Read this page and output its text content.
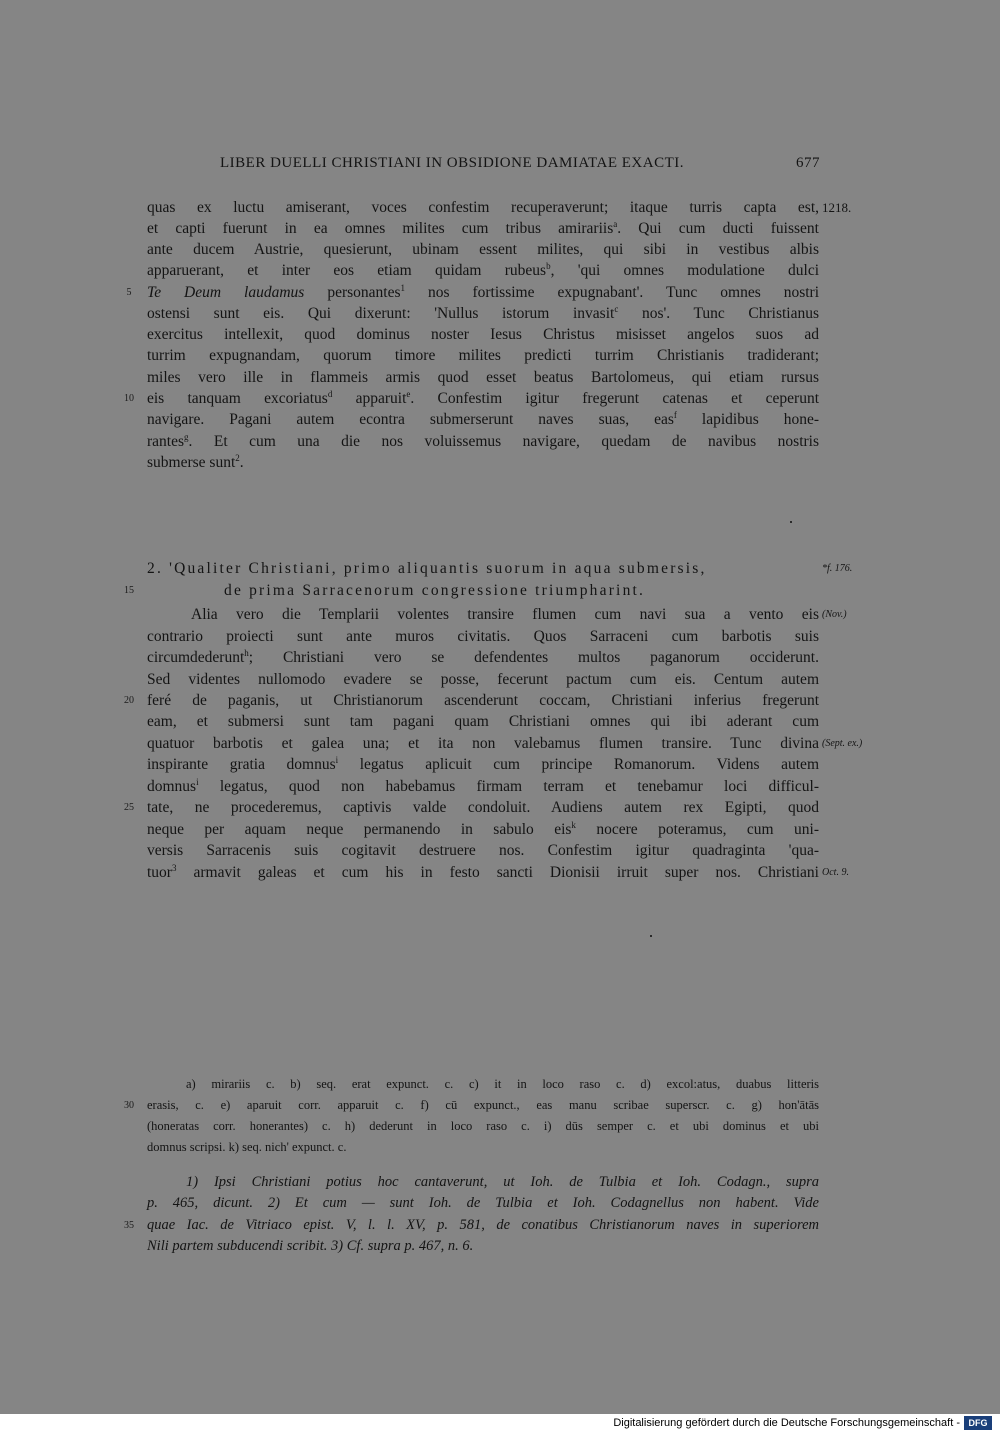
LIBER DUELLI CHRISTIANI IN OBSIDIONE DAMIATAE EXACTI.	677
quas ex luctu amiserant, voces confestim recuperaverunt; itaque turris capta est, 1218.
et capti fuerunt in ea omnes milites cum tribus amirariis$^a$. Qui cum ducti fuissent
ante ducem Austrie, quesierunt, ubinam essent milites, qui sibi in vestibus albis
apparuerant, et inter eos etiam quidam rubeus$^b$, 'qui omnes modulatione dulci
5	Te Deum laudamus personantes$^1$ nos fortissime expugnabant'. Tunc omnes nostri
ostensi sunt eis. Qui dixerunt: 'Nullus istorum invasit$^c$ nos'. Tunc Christianus
exercitus intellexit, quod dominus noster Iesus Christus misisset angelos suos ad
turrim expugnandam, quorum timore milites predicti turrim Christianis tradiderant;
miles vero ille in flammeis armis quod esset beatus Bartolomeus, qui etiam rursus
10 eis tanquam excoriatus$^d$ apparuit$^e$. Confestim igitur fregerunt catenas et ceperunt
navigare. Pagani autem econtra submerserunt naves suas, eas$^f$ lapidibus hone-
rantes$^g$. Et cum una die nos voluissemus navigare, quedam de navibus nostris
submerse sunt$^2$.
2. 'Qualiter Christiani, primo aliquantis suorum in aqua submersis,	*f. 176.
15	de prima Sarracenorum congressione triumpharint.
Alia vero die Templarii volentes transire flumen cum navi sua a vento eis (Nov.)
contrario proiecti sunt ante muros civitatis. Quos Sarraceni cum barbotis suis
circumdederunt$^h$; Christiani vero se defendentes multos paganorum occiderunt.
Sed videntes nullomodo evadere se posse, fecerunt pactum cum eis. Centum autem
20 feré de paganis, ut Christianorum ascenderunt coccam, Christiani inferius fregerunt
eam, et submersi sunt tam pagani quam Christiani omnes qui ibi aderant cum
quatuor barbotis et galea una; et ita non valebamus flumen transire. Tunc divina (Sept. ex.)
inspirante gratia domnus$^i$ legatus aplicuit cum principe Romanorum. Videns autem
domnus$^i$ legatus, quod non habebamus firmam terram et tenebamur loci difficul-
25 tate, ne procederemus, captivis valde condoluit. Audiens autem rex Egipti, quod
neque per aquam neque permanendo in sabulo eis$^k$ nocere poteramus, cum uni-
versis Sarracenis suis cogitavit destruere nos. Confestim igitur quadraginta 'qua-
tuor$^3$ armavit galeas et cum his in festo sancti Dionisii irruit super nos. Christiani Oct. 9.
a) mirariis c. b) seq. erat expunct. c. c) it in loco raso c. d) excol:atus, duabus litteris
30	erasis, c. e) aparuit corr. apparuit c. f) cū expunct., eas manu scribae superscr. c. g) hon'ātās
(honeratas corr. honerantes) c. h) dederunt in loco raso c. i) dūs semper c. et ubi dominus et ubi
domnus scripsi. k) seq. nich' expunct. c.
1) Ipsi Christiani potius hoc cantaverunt, ut Ioh. de Tulbia et Ioh. Codagn., supra
p. 465, dicunt. 2) Et cum — sunt Ioh. de Tulbia et Ioh. Codagnellus non habent. Vide
35 quae Iac. de Vitriaco epist. V, l. l. XV, p. 581, de conatibus Christianorum naves in superiorem
Nili partem subducendi scribit. 3) Cf. supra p. 467, n. 6.
Digitalisierung gefördert durch die Deutsche Forschungsgemeinschaft - DFG
